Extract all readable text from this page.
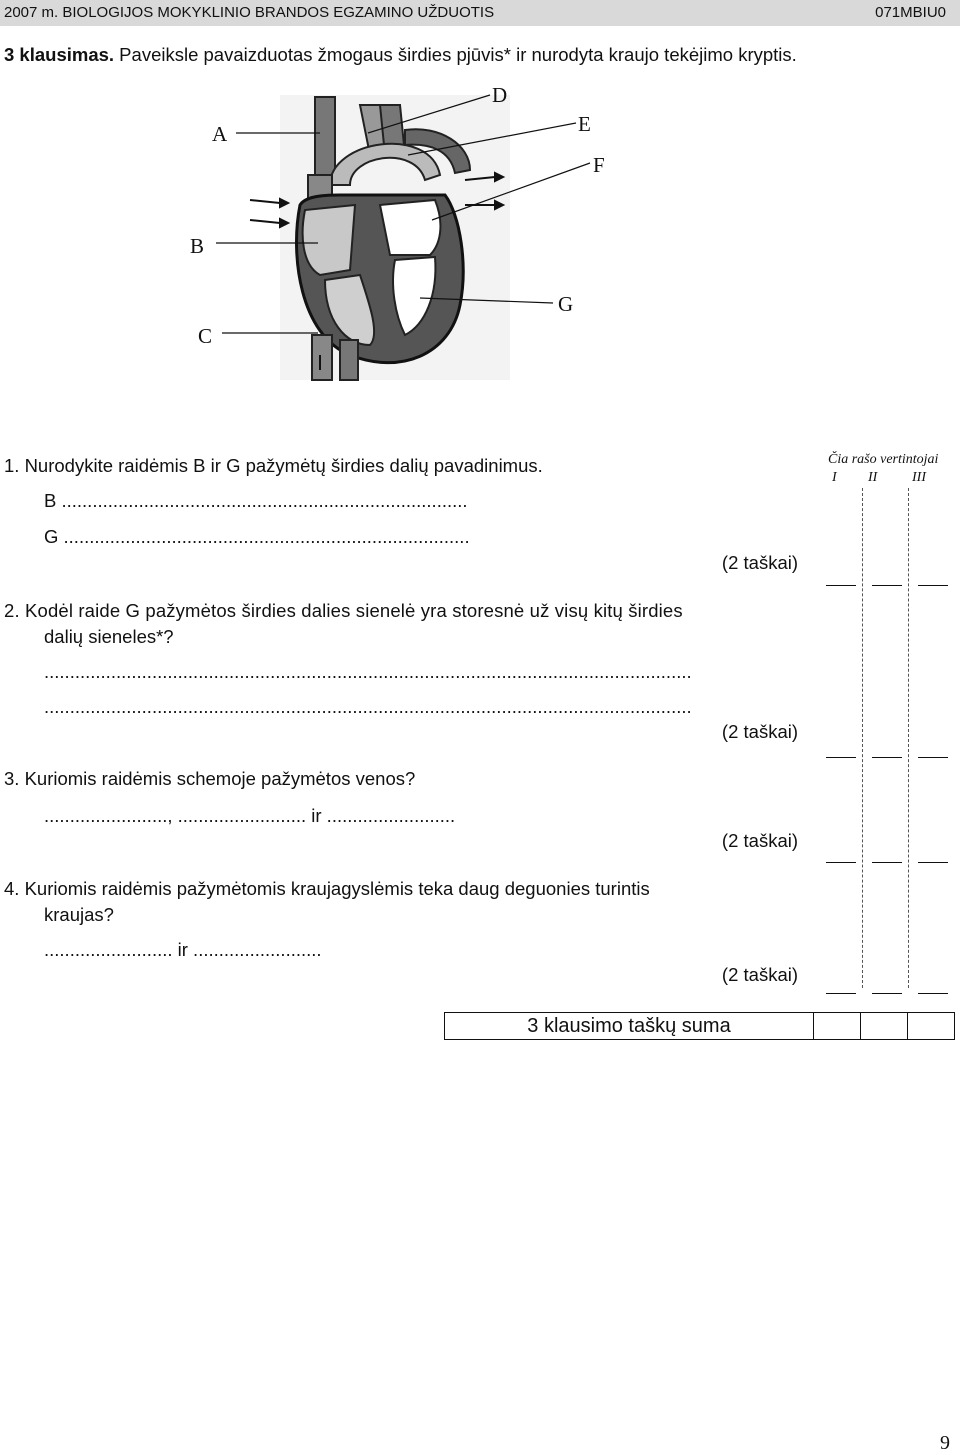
2007 m. BIOLOGIJOS MOKYKLINIO BRANDOS EGZAMINO UŽDUOTIS	071MBIU0
3 klausimas. Paveiksle pavaizduotas žmogaus širdies pjūvis* ir nurodyta kraujo tekėjimo kryptis.
A
B
C
D
E
F
G
1. Nurodykite raidėmis B ir G pažymėtų širdies dalių pavadinimus.
B ...............................................................................
G ...............................................................................
(2 taškai)
2. Kodėl raide G pažymėtos širdies dalies sienelė yra storesnė už visų kitų širdies
dalių sieneles*?
..............................................................................................................................
..............................................................................................................................
(2 taškai)
3. Kuriomis raidėmis schemoje pažymėtos venos?
........................, ......................... ir .........................
(2 taškai)
4. Kuriomis raidėmis pažymėtomis kraujagyslėmis teka daug deguonies turintis
kraujas?
......................... ir .........................
(2 taškai)
Čia rašo vertintojai
I II III
3 klausimo taškų suma			
9
